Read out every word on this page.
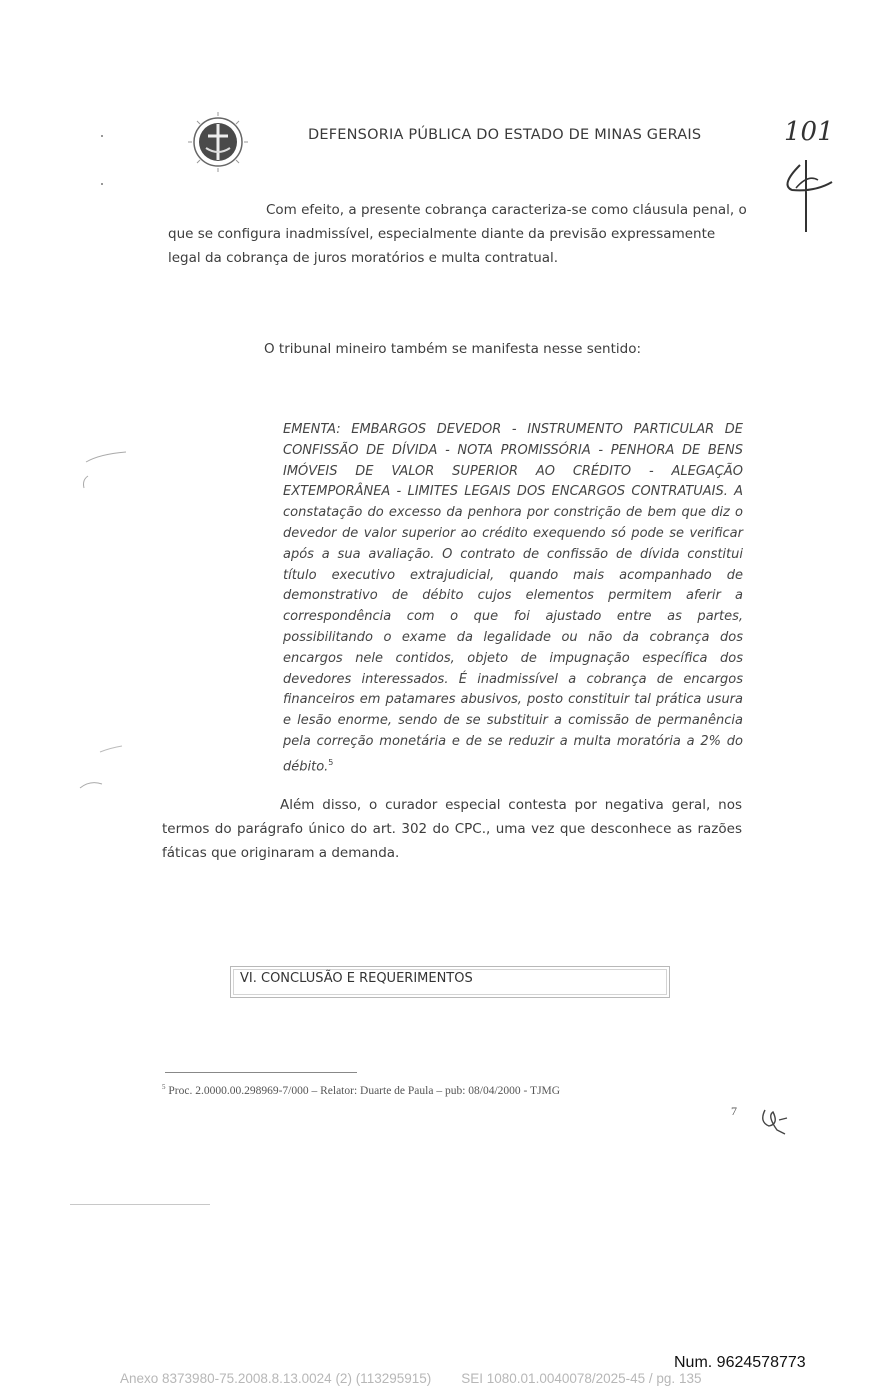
DEFENSORIA PÚBLICA DO ESTADO DE MINAS GERAIS	101

Com efeito, a presente cobrança caracteriza-se como cláusula penal, o que se configura inadmissível, especialmente diante da previsão expressamente legal da cobrança de juros moratórios e multa contratual.

O tribunal mineiro também se manifesta nesse sentido:

EMENTA: EMBARGOS DEVEDOR - INSTRUMENTO PARTICULAR DE CONFISSÃO DE DÍVIDA - NOTA PROMISSÓRIA - PENHORA DE BENS IMÓVEIS DE VALOR SUPERIOR AO CRÉDITO - ALEGAÇÃO EXTEMPORÂNEA - LIMITES LEGAIS DOS ENCARGOS CONTRATUAIS. A constatação do excesso da penhora por constrição de bem que diz o devedor de valor superior ao crédito exequendo só pode se verificar após a sua avaliação. O contrato de confissão de dívida constitui título executivo extrajudicial, quando mais acompanhado de demonstrativo de débito cujos elementos permitem aferir a correspondência com o que foi ajustado entre as partes, possibilitando o exame da legalidade ou não da cobrança dos encargos nele contidos, objeto de impugnação específica dos devedores interessados. É inadmissível a cobrança de encargos financeiros em patamares abusivos, posto constituir tal prática usura e lesão enorme, sendo de se substituir a comissão de permanência pela correção monetária e de se reduzir a multa moratória a 2% do débito.$^5$

Além disso, o curador especial contesta por negativa geral, nos termos do parágrafo único do art. 302 do CPC., uma vez que desconhece as razões fáticas que originaram a demanda.

VI. CONCLUSÃO E REQUERIMENTOS
$^5$ Proc. 2.0000.00.298969-7/000 – Relator: Duarte de Paula – pub: 08/04/2000 - TJMG
7
Num. 9624578773
Anexo 8373980-75.2008.8.13.0024 (2) (113295915)        SEI 1080.01.0040078/2025-45 / pg. 135
